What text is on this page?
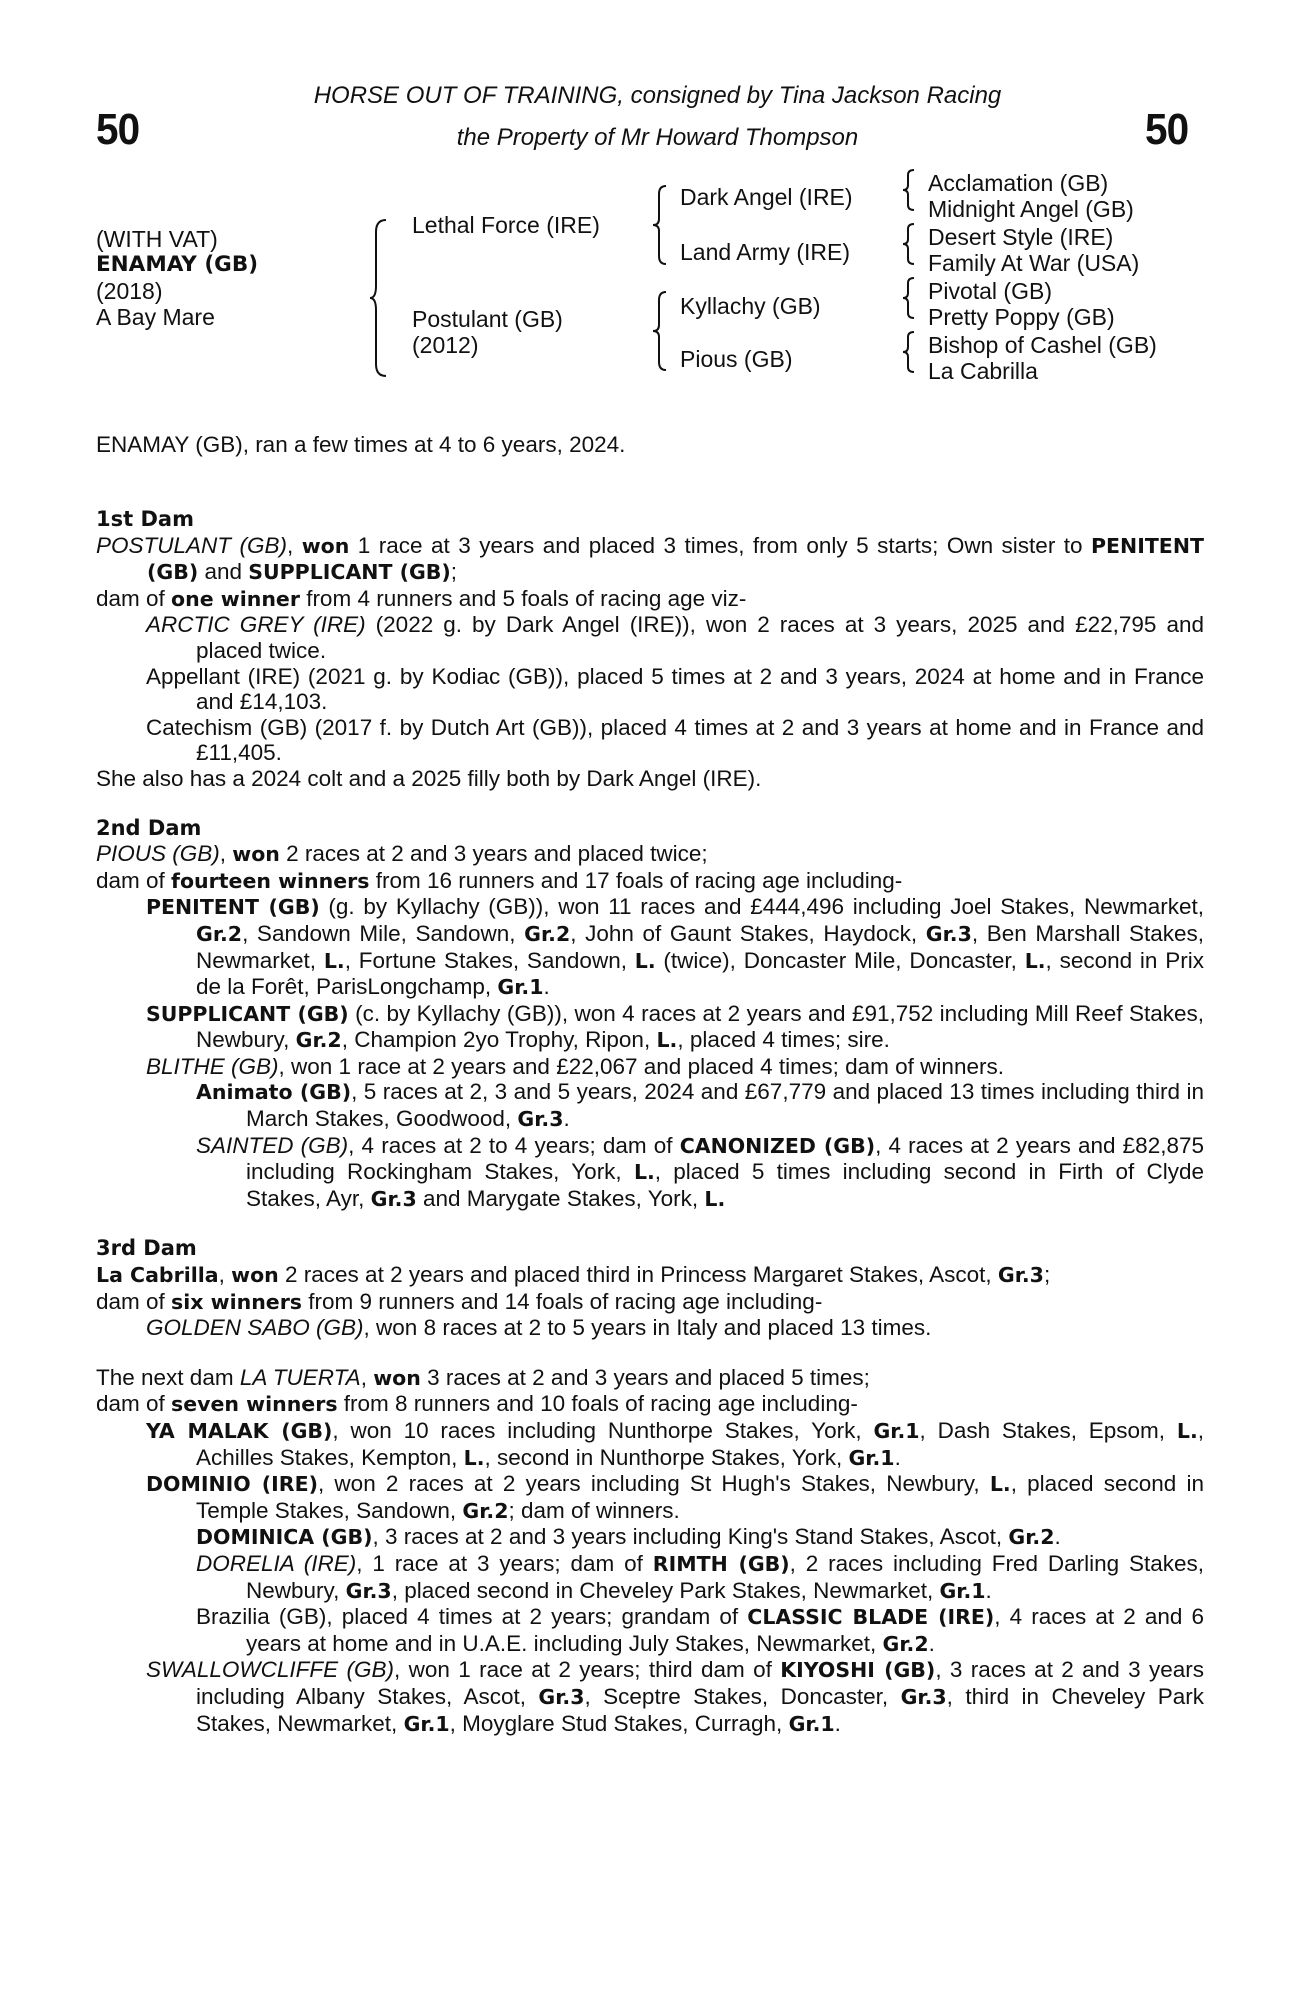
50	50
HORSE OUT OF TRAINING, consigned by Tina Jackson Racing
the Property of Mr Howard Thompson
(WITH VAT)
ENAMAY (GB)
(2018)
A Bay Mare
Lethal Force (IRE)
Postulant (GB)
(2012)
Dark Angel (IRE)
Land Army (IRE)
Kyllachy (GB)
Pious (GB)
Acclamation (GB)
Midnight Angel (GB)
Desert Style (IRE)
Family At War (USA)
Pivotal (GB)
Pretty Poppy (GB)
Bishop of Cashel (GB)
La Cabrilla
ENAMAY (GB), ran a few times at 4 to 6 years, 2024.
1st Dam
POSTULANT (GB), won 1 race at 3 years and placed 3 times, from only 5 starts; Own sister to PENITENT (GB) and SUPPLICANT (GB);
dam of one winner from 4 runners and 5 foals of racing age viz-
ARCTIC GREY (IRE) (2022 g. by Dark Angel (IRE)), won 2 races at 3 years, 2025 and £22,795 and placed twice.
Appellant (IRE) (2021 g. by Kodiac (GB)), placed 5 times at 2 and 3 years, 2024 at home and in France and £14,103.
Catechism (GB) (2017 f. by Dutch Art (GB)), placed 4 times at 2 and 3 years at home and in France and £11,405.
She also has a 2024 colt and a 2025 filly both by Dark Angel (IRE).
2nd Dam
PIOUS (GB), won 2 races at 2 and 3 years and placed twice;
dam of fourteen winners from 16 runners and 17 foals of racing age including-
PENITENT (GB) (g. by Kyllachy (GB)), won 11 races and £444,496 including Joel Stakes, Newmarket, Gr.2, Sandown Mile, Sandown, Gr.2, John of Gaunt Stakes, Haydock, Gr.3, Ben Marshall Stakes, Newmarket, L., Fortune Stakes, Sandown, L. (twice), Doncaster Mile, Doncaster, L., second in Prix de la Forêt, ParisLongchamp, Gr.1.
SUPPLICANT (GB) (c. by Kyllachy (GB)), won 4 races at 2 years and £91,752 including Mill Reef Stakes, Newbury, Gr.2, Champion 2yo Trophy, Ripon, L., placed 4 times; sire.
BLITHE (GB), won 1 race at 2 years and £22,067 and placed 4 times; dam of winners.
Animato (GB), 5 races at 2, 3 and 5 years, 2024 and £67,779 and placed 13 times including third in March Stakes, Goodwood, Gr.3.
SAINTED (GB), 4 races at 2 to 4 years; dam of CANONIZED (GB), 4 races at 2 years and £82,875 including Rockingham Stakes, York, L., placed 5 times including second in Firth of Clyde Stakes, Ayr, Gr.3 and Marygate Stakes, York, L.
3rd Dam
La Cabrilla, won 2 races at 2 years and placed third in Princess Margaret Stakes, Ascot, Gr.3;
dam of six winners from 9 runners and 14 foals of racing age including-
GOLDEN SABO (GB), won 8 races at 2 to 5 years in Italy and placed 13 times.
The next dam LA TUERTA, won 3 races at 2 and 3 years and placed 5 times;
dam of seven winners from 8 runners and 10 foals of racing age including-
YA MALAK (GB), won 10 races including Nunthorpe Stakes, York, Gr.1, Dash Stakes, Epsom, L., Achilles Stakes, Kempton, L., second in Nunthorpe Stakes, York, Gr.1.
DOMINIO (IRE), won 2 races at 2 years including St Hugh's Stakes, Newbury, L., placed second in Temple Stakes, Sandown, Gr.2; dam of winners.
DOMINICA (GB), 3 races at 2 and 3 years including King's Stand Stakes, Ascot, Gr.2.
DORELIA (IRE), 1 race at 3 years; dam of RIMTH (GB), 2 races including Fred Darling Stakes, Newbury, Gr.3, placed second in Cheveley Park Stakes, Newmarket, Gr.1.
Brazilia (GB), placed 4 times at 2 years; grandam of CLASSIC BLADE (IRE), 4 races at 2 and 6 years at home and in U.A.E. including July Stakes, Newmarket, Gr.2.
SWALLOWCLIFFE (GB), won 1 race at 2 years; third dam of KIYOSHI (GB), 3 races at 2 and 3 years including Albany Stakes, Ascot, Gr.3, Sceptre Stakes, Doncaster, Gr.3, third in Cheveley Park Stakes, Newmarket, Gr.1, Moyglare Stud Stakes, Curragh, Gr.1.
